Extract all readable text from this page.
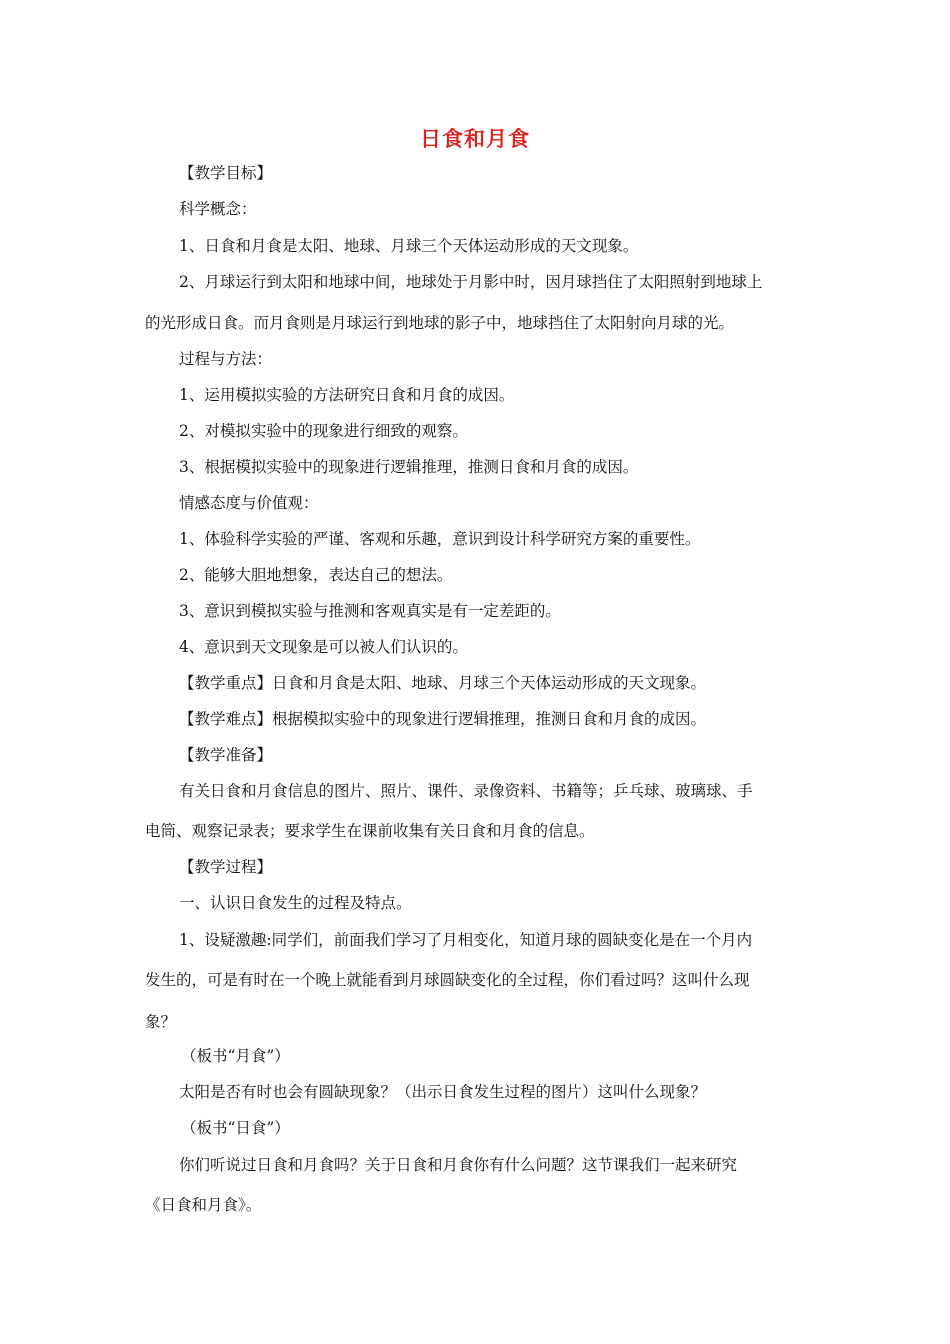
日食和月食
【教学目标】
科学概念：
1、日食和月食是太阳、地球、月球三个天体运动形成的天文现象。
2、月球运行到太阳和地球中间，地球处于月影中时，因月球挡住了太阳照射到地球上
的光形成日食。而月食则是月球运行到地球的影子中，地球挡住了太阳射向月球的光。
过程与方法：
1、运用模拟实验的方法研究日食和月食的成因。
2、对模拟实验中的现象进行细致的观察。
3、根据模拟实验中的现象进行逻辑推理，推测日食和月食的成因。
情感态度与价值观：
1、体验科学实验的严谨、客观和乐趣，意识到设计科学研究方案的重要性。
2、能够大胆地想象，表达自己的想法。
3、意识到模拟实验与推测和客观真实是有一定差距的。
4、意识到天文现象是可以被人们认识的。
【教学重点】日食和月食是太阳、地球、月球三个天体运动形成的天文现象。
【教学难点】根据模拟实验中的现象进行逻辑推理，推测日食和月食的成因。
【教学准备】
有关日食和月食信息的图片、照片、课件、录像资料、书籍等；乒乓球、玻璃球、手
电筒、观察记录表；要求学生在课前收集有关日食和月食的信息。
【教学过程】
一、认识日食发生的过程及特点。
1、设疑激趣:同学们，前面我们学习了月相变化，知道月球的圆缺变化是在一个月内
发生的，可是有时在一个晚上就能看到月球圆缺变化的全过程，你们看过吗？这叫什么现
象？
（板书“月食”）
太阳是否有时也会有圆缺现象？（出示日食发生过程的图片）这叫什么现象？
（板书“日食”）
你们听说过日食和月食吗？关于日食和月食你有什么问题？这节课我们一起来研究
《日食和月食》。
